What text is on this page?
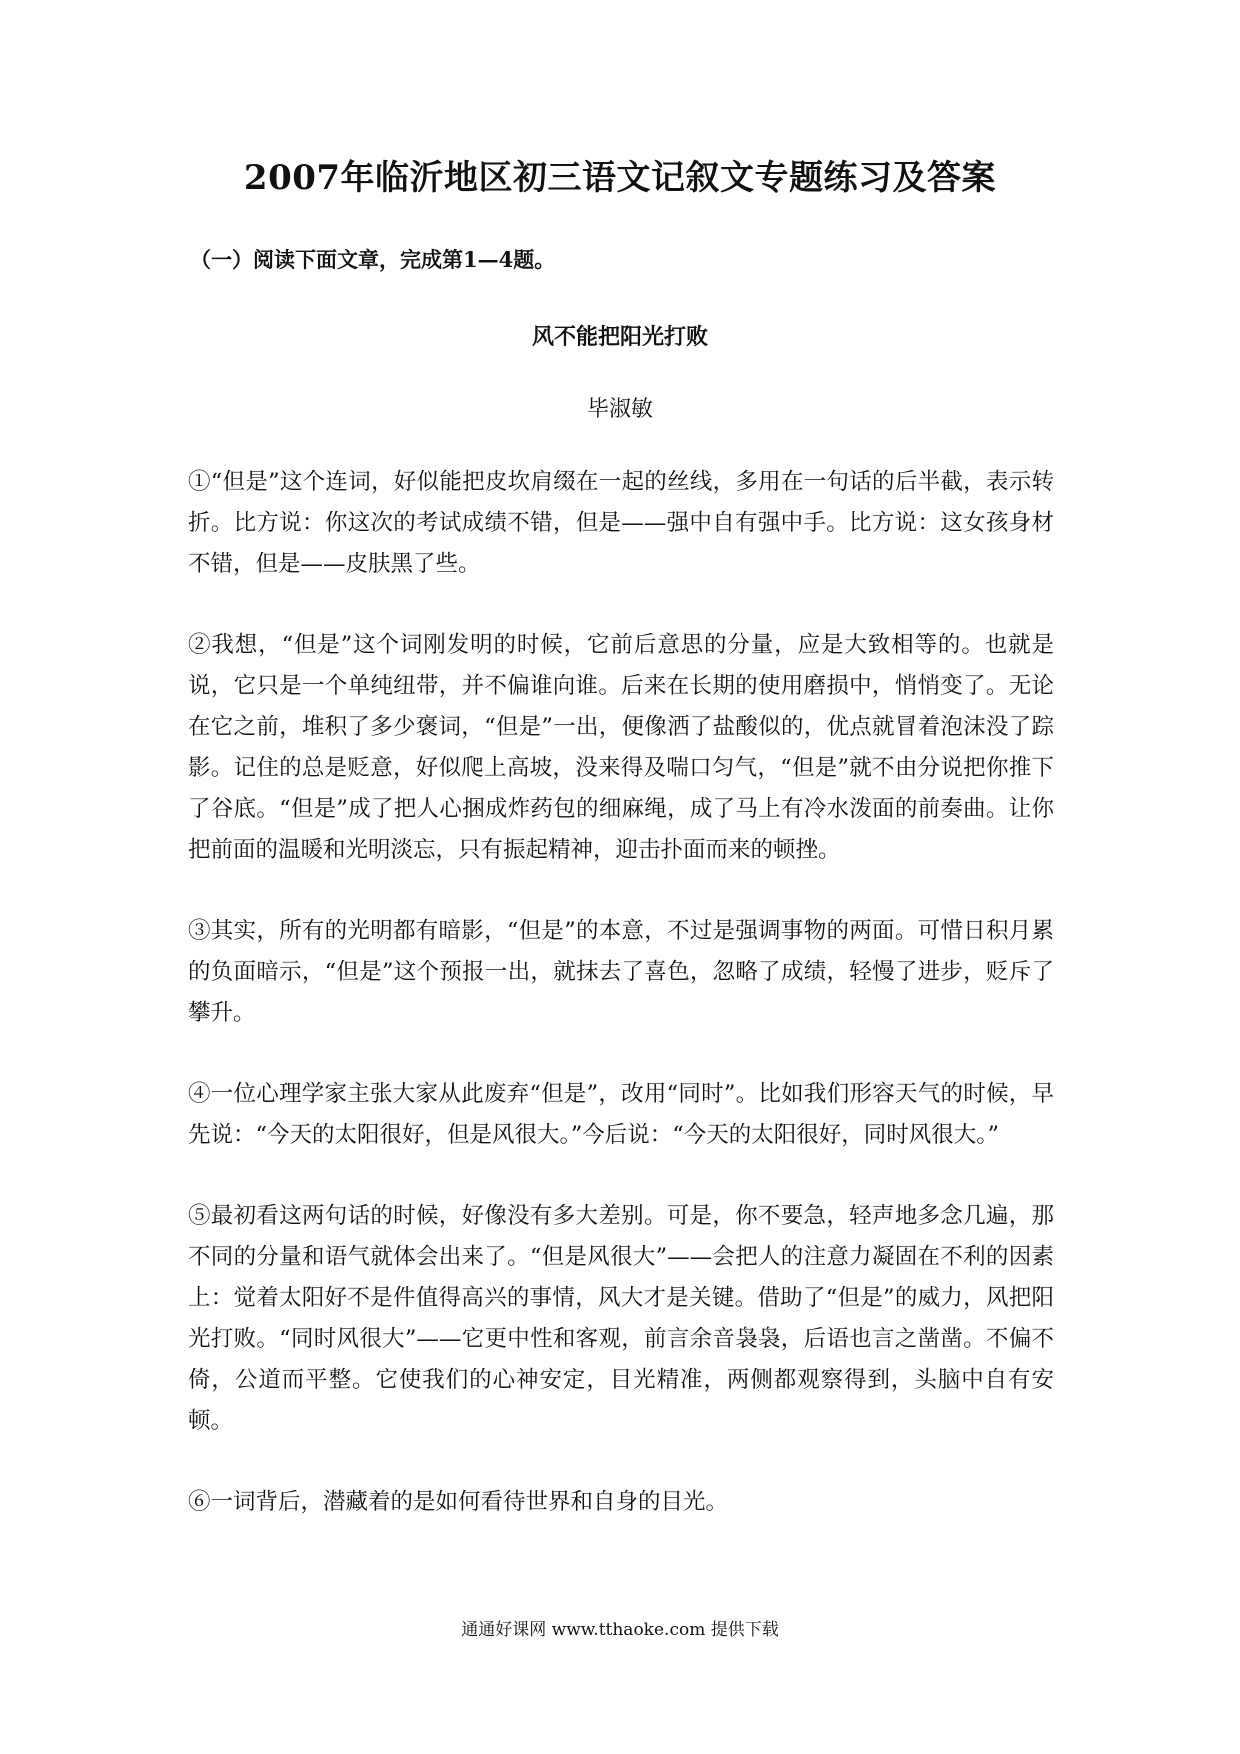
2007年临沂地区初三语文记叙文专题练习及答案
（一）阅读下面文章，完成第1—4题。
风不能把阳光打败
毕淑敏

①“但是”这个连词，好似能把皮坎肩缀在一起的丝线，多用在一句话的后半截，表示转折。比方说：你这次的考试成绩不错，但是——强中自有强中手。比方说：这女孩身材不错，但是——皮肤黑了些。

②我想，“但是”这个词刚发明的时候，它前后意思的分量，应是大致相等的。也就是说，它只是一个单纯纽带，并不偏谁向谁。后来在长期的使用磨损中，悄悄变了。无论在它之前，堆积了多少褒词，“但是”一出，便像洒了盐酸似的，优点就冒着泡沫没了踪影。记住的总是贬意，好似爬上高坡，没来得及喘口匀气，“但是”就不由分说把你推下了谷底。“但是”成了把人心捆成炸药包的细麻绳，成了马上有冷水泼面的前奏曲。让你把前面的温暖和光明淡忘，只有振起精神，迎击扑面而来的顿挫。

③其实，所有的光明都有暗影，“但是”的本意，不过是强调事物的两面。可惜日积月累的负面暗示，“但是”这个预报一出，就抹去了喜色，忽略了成绩，轻慢了进步，贬斥了攀升。

④一位心理学家主张大家从此废弃“但是”，改用“同时”。比如我们形容天气的时候，早先说：“今天的太阳很好，但是风很大。”今后说：“今天的太阳很好，同时风很大。”

⑤最初看这两句话的时候，好像没有多大差别。可是，你不要急，轻声地多念几遍，那不同的分量和语气就体会出来了。“但是风很大”——会把人的注意力凝固在不利的因素上：觉着太阳好不是件值得高兴的事情，风大才是关键。借助了“但是”的威力，风把阳光打败。“同时风很大”——它更中性和客观，前言余音袅袅，后语也言之凿凿。不偏不倚，公道而平整。它使我们的心神安定，目光精准，两侧都观察得到，头脑中自有安顿。

⑥一词背后，潜藏着的是如何看待世界和自身的目光。

通通好课网 www.tthaoke.com 提供下载
